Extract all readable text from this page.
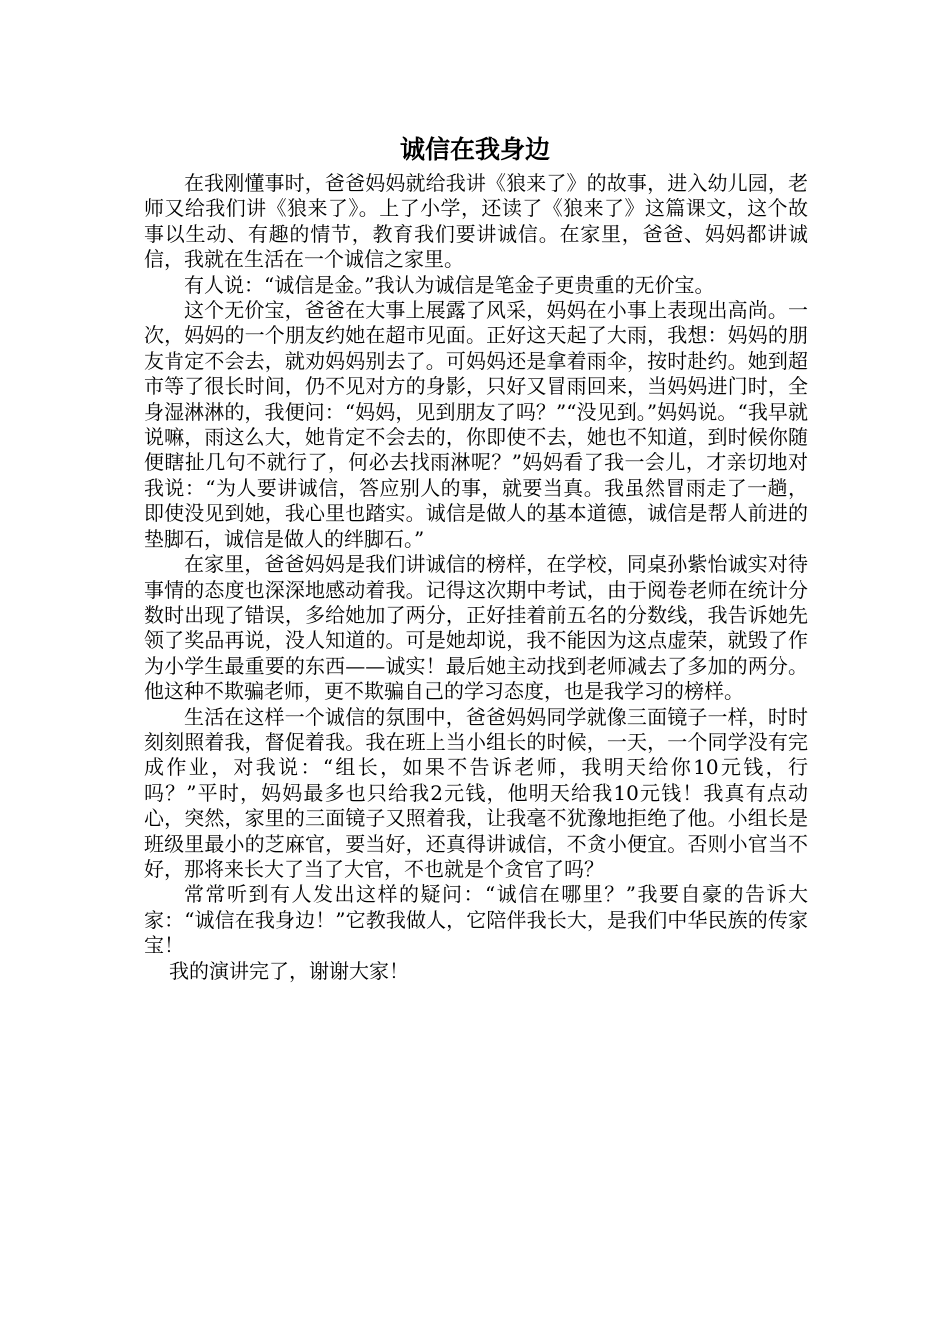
诚信在我身边

在我刚懂事时，爸爸妈妈就给我讲《狼来了》的故事，进入幼儿园，老师又给我们讲《狼来了》。上了小学，还读了《狼来了》这篇课文，这个故事以生动、有趣的情节，教育我们要讲诚信。在家里，爸爸、妈妈都讲诚信，我就在生活在一个诚信之家里。

有人说：“诚信是金。”我认为诚信是笔金子更贵重的无价宝。

这个无价宝，爸爸在大事上展露了风采，妈妈在小事上表现出高尚。一次，妈妈的一个朋友约她在超市见面。正好这天起了大雨，我想：妈妈的朋友肯定不会去，就劝妈妈别去了。可妈妈还是拿着雨伞，按时赴约。她到超市等了很长时间，仍不见对方的身影，只好又冒雨回来，当妈妈进门时，全身湿淋淋的，我便问：“妈妈，见到朋友了吗？”“没见到。”妈妈说。“我早就说嘛，雨这么大，她肯定不会去的，你即使不去，她也不知道，到时候你随便瞎扯几句不就行了，何必去找雨淋呢？”妈妈看了我一会儿，才亲切地对我说：“为人要讲诚信，答应别人的事，就要当真。我虽然冒雨走了一趟，即使没见到她，我心里也踏实。诚信是做人的基本道德，诚信是帮人前进的垫脚石，诚信是做人的绊脚石。”

在家里，爸爸妈妈是我们讲诚信的榜样，在学校，同桌孙紫怡诚实对待事情的态度也深深地感动着我。记得这次期中考试，由于阅卷老师在统计分数时出现了错误，多给她加了两分，正好挂着前五名的分数线，我告诉她先领了奖品再说，没人知道的。可是她却说，我不能因为这点虚荣，就毁了作为小学生最重要的东西——诚实！最后她主动找到老师减去了多加的两分。他这种不欺骗老师，更不欺骗自己的学习态度，也是我学习的榜样。

生活在这样一个诚信的氛围中，爸爸妈妈同学就像三面镜子一样，时时刻刻照着我，督促着我。我在班上当小组长的时候，一天，一个同学没有完成作业，对我说：“组长，如果不告诉老师，我明天给你10元钱，行吗？”平时，妈妈最多也只给我2元钱，他明天给我10元钱！我真有点动心，突然，家里的三面镜子又照着我，让我毫不犹豫地拒绝了他。小组长是班级里最小的芝麻官，要当好，还真得讲诚信，不贪小便宜。否则小官当不好，那将来长大了当了大官，不也就是个贪官了吗？

常常听到有人发出这样的疑问：“诚信在哪里？”我要自豪的告诉大家：“诚信在我身边！”它教我做人，它陪伴我长大，是我们中华民族的传家宝！

我的演讲完了，谢谢大家！
